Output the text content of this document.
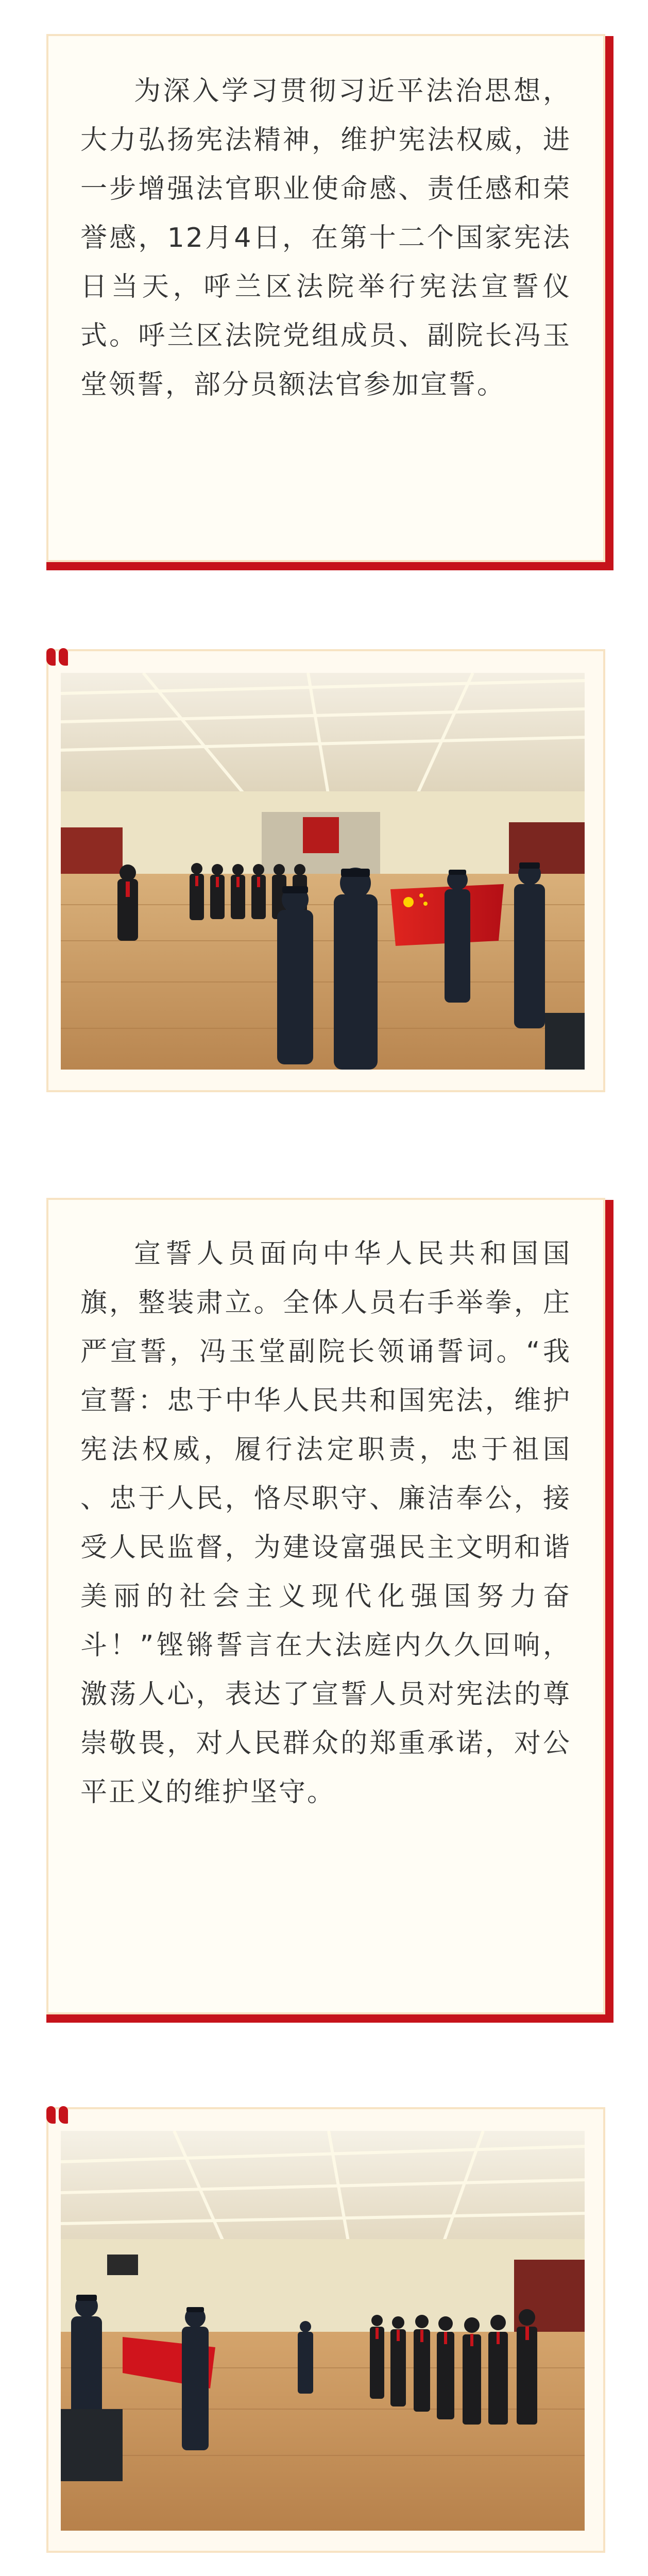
为深入学习贯彻习近平法治思想，大力弘扬宪法精神，维护宪法权威，进一步增强法官职业使命感、责任感和荣誉感，12月4日，在第十二个国家宪法日当天，呼兰区法院举行宪法宣誓仪式。呼兰区法院党组成员、副院长冯玉堂领誓，部分员额法官参加宣誓。

宣誓人员面向中华人民共和国国旗，整装肃立。全体人员右手举拳，庄严宣誓，冯玉堂副院长领诵誓词。“我宣誓：忠于中华人民共和国宪法，维护宪法权威，履行法定职责，忠于祖国 、忠于人民，恪尽职守、廉洁奉公，接受人民监督，为建设富强民主文明和谐美丽的社会主义现代化强国努力奋斗！”铿锵誓言在大法庭内久久回响，激荡人心，表达了宣誓人员对宪法的尊崇敬畏，对人民群众的郑重承诺，对公平正义的维护坚守。
